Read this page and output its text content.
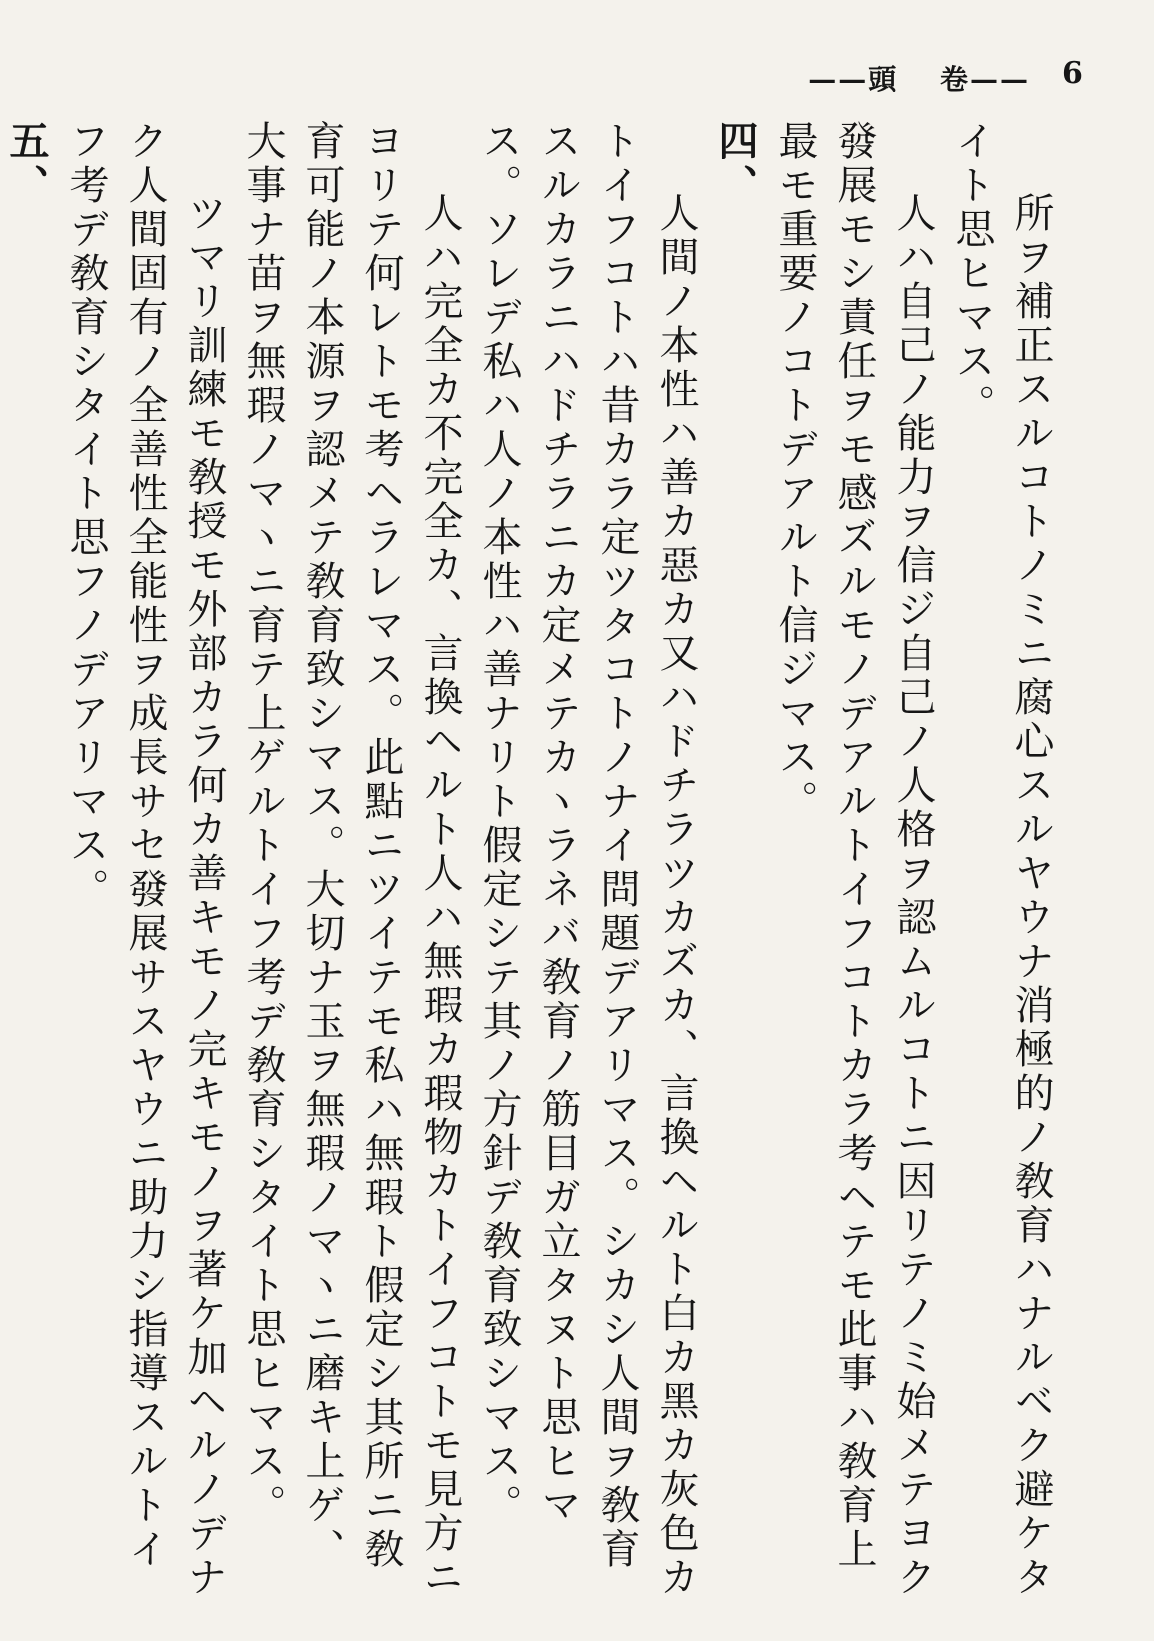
6
——頭 　卷——

所ヲ補正スルコトノミニ腐心スルヤウナ消極的ノ敎育ハナルベク避ケタイト思ヒマス。

人ハ自己ノ能力ヲ信ジ自己ノ人格ヲ認ムルコトニ因リテノミ始メテヨク發展モシ責任ヲモ感ズルモノデアルトイフコトカラ考ヘテモ此事ハ敎育上最モ重要ノコトデアルト信ジマス。

四、

人間ノ本性ハ善カ惡カ又ハドチラツカズカ、言換ヘルト白カ黑カ灰色カトイフコトハ昔カラ定ツタコトノナイ問題デアリマス。シカシ人間ヲ敎育スルカラニハドチラニカ定メテカヽラネバ敎育ノ筋目ガ立タヌト思ヒマス。ソレデ私ハ人ノ本性ハ善ナリト假定シテ其ノ方針デ敎育致シマス。

人ハ完全カ不完全カ、言換ヘルト人ハ無瑕カ瑕物カトイフコトモ見方ニヨリテ何レトモ考ヘラレマス。此點ニツイテモ私ハ無瑕ト假定シ其所ニ敎育可能ノ本源ヲ認メテ敎育致シマス。大切ナ玉ヲ無瑕ノマヽニ磨キ上ゲ、大事ナ苗ヲ無瑕ノマヽニ育テ上ゲルトイフ考デ敎育シタイト思ヒマス。

ツマリ訓練モ敎授モ外部カラ何カ善キモノ完キモノヲ著ケ加ヘルノデナク人間固有ノ全善性全能性ヲ成長サセ發展サスヤウニ助力シ指導スルトイフ考デ敎育シタイト思フノデアリマス。

五、
